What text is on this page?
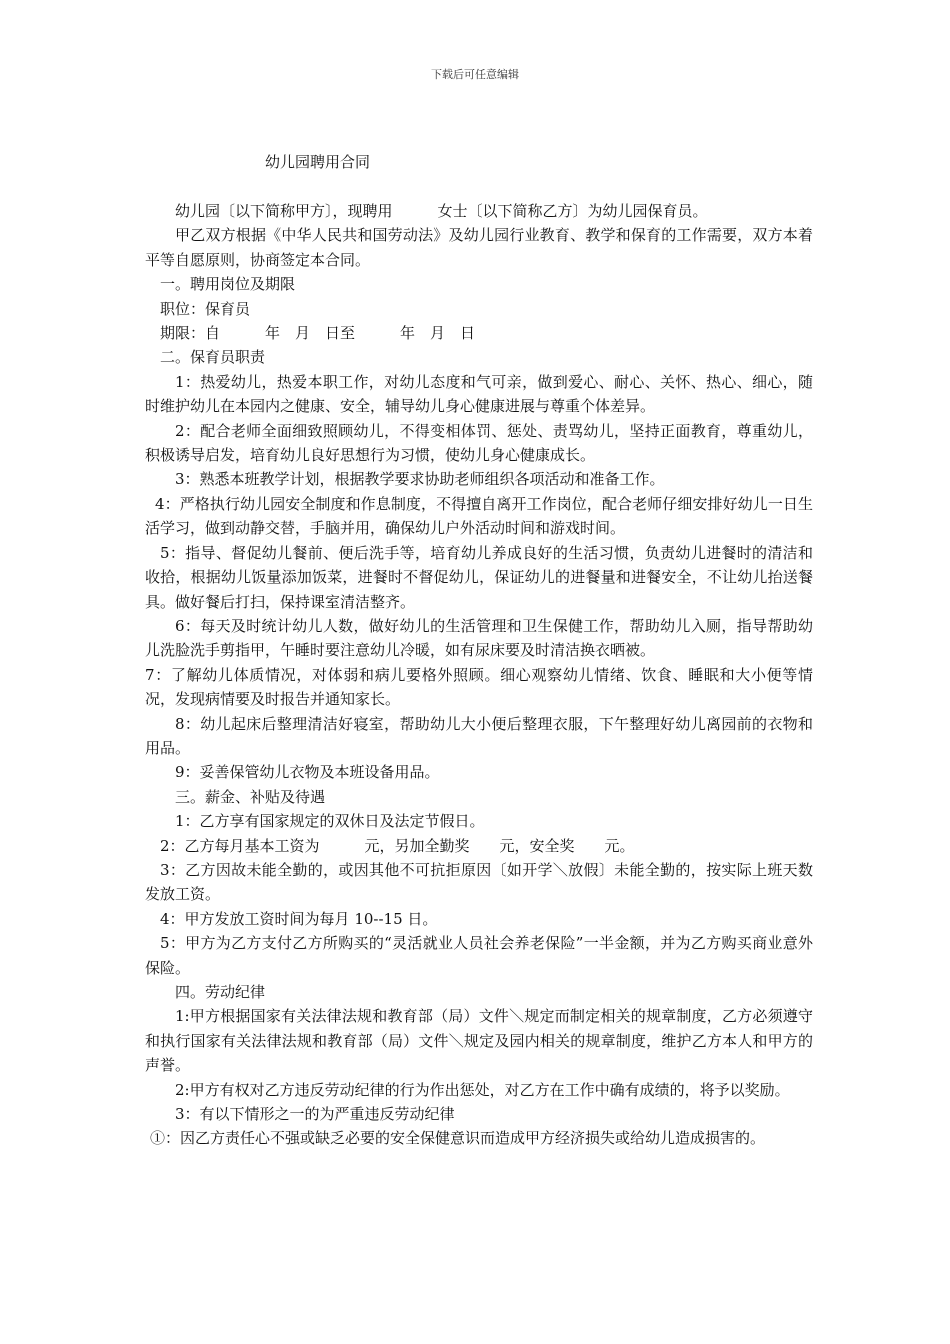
下载后可任意编辑
幼儿园聘用合同

幼儿园〔以下简称甲方〕，现聘用　　　女士〔以下简称乙方〕为幼儿园保育员。

甲乙双方根据《中华人民共和国劳动法》及幼儿园行业教育、教学和保育的工作需要，双方本着平等自愿原则，协商签定本合同。

一。聘用岗位及期限

职位：保育员

期限：自　　　年　月　日至　　　年　月　日

二。保育员职责

1：热爱幼儿，热爱本职工作，对幼儿态度和气可亲，做到爱心、耐心、关怀、热心、细心，随时维护幼儿在本园内之健康、安全，辅导幼儿身心健康进展与尊重个体差异。

2：配合老师全面细致照顾幼儿，不得变相体罚、惩处、责骂幼儿，坚持正面教育，尊重幼儿，积极诱导启发，培育幼儿良好思想行为习惯，使幼儿身心健康成长。

3：熟悉本班教学计划，根据教学要求协助老师组织各项活动和准备工作。

4：严格执行幼儿园安全制度和作息制度，不得擅自离开工作岗位，配合老师仔细安排好幼儿一日生活学习，做到动静交替，手脑并用，确保幼儿户外活动时间和游戏时间。

5：指导、督促幼儿餐前、便后洗手等，培育幼儿养成良好的生活习惯，负责幼儿进餐时的清洁和收拾，根据幼儿饭量添加饭菜，进餐时不督促幼儿，保证幼儿的进餐量和进餐安全，不让幼儿抬送餐具。做好餐后打扫，保持课室清洁整齐。

6：每天及时统计幼儿人数，做好幼儿的生活管理和卫生保健工作，帮助幼儿入厕，指导帮助幼儿洗脸洗手剪指甲，午睡时要注意幼儿冷暖，如有尿床要及时清洁换衣晒被。

7：了解幼儿体质情况，对体弱和病儿要格外照顾。细心观察幼儿情绪、饮食、睡眠和大小便等情况，发现病情要及时报告并通知家长。

8：幼儿起床后整理清洁好寝室，帮助幼儿大小便后整理衣服，下午整理好幼儿离园前的衣物和用品。

9：妥善保管幼儿衣物及本班设备用品。

三。薪金、补贴及待遇

1：乙方享有国家规定的双休日及法定节假日。

2：乙方每月基本工资为　　　元，另加全勤奖　　元，安全奖　　元。

3：乙方因故未能全勤的，或因其他不可抗拒原因〔如开学＼放假〕未能全勤的，按实际上班天数发放工资。

4：甲方发放工资时间为每月 10--15 日。

5：甲方为乙方支付乙方所购买的“灵活就业人员社会养老保险”一半金额，并为乙方购买商业意外保险。

四。劳动纪律

1:甲方根据国家有关法律法规和教育部（局）文件＼规定而制定相关的规章制度，乙方必须遵守和执行国家有关法律法规和教育部（局）文件＼规定及园内相关的规章制度，维护乙方本人和甲方的声誉。

2:甲方有权对乙方违反劳动纪律的行为作出惩处，对乙方在工作中确有成绩的，将予以奖励。

3：有以下情形之一的为严重违反劳动纪律

①：因乙方责任心不强或缺乏必要的安全保健意识而造成甲方经济损失或给幼儿造成损害的。
